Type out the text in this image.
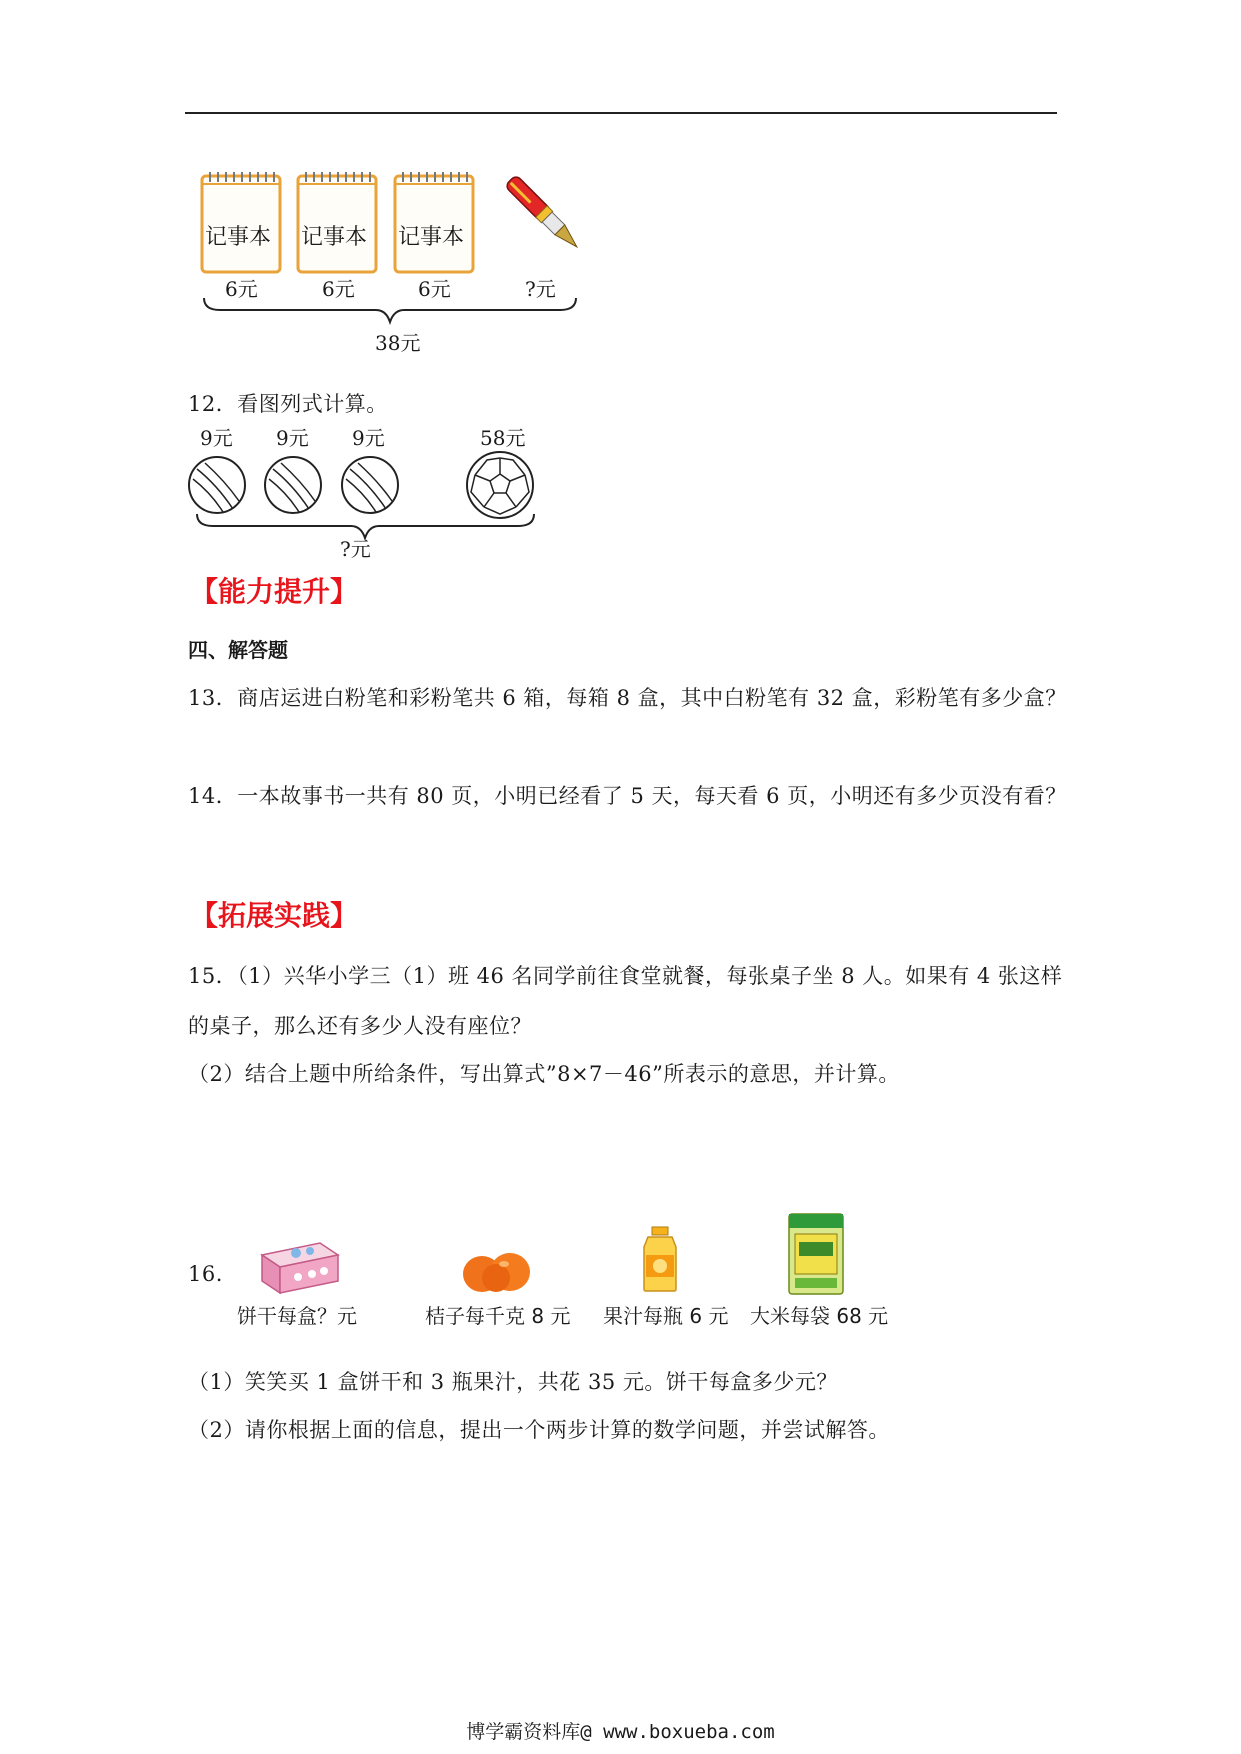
记事本 记事本 记事本
6元	6元	6元	?元
38元
12．看图列式计算。
9元 9元 9元	58元
?元
【能力提升】
四、解答题
13．商店运进白粉笔和彩粉笔共 6 箱，每箱 8 盒，其中白粉笔有 32 盒，彩粉笔有多少盒？
14．一本故事书一共有 80 页，小明已经看了 5 天，每天看 6 页，小明还有多少页没有看？
【拓展实践】
15．（1）兴华小学三（1）班 46 名同学前往食堂就餐，每张桌子坐 8 人。如果有 4 张这样
的桌子，那么还有多少人没有座位？
（2）结合上题中所给条件，写出算式”8×7－46”所表示的意思，并计算。
16.
饼干每盒？元	桔子每千克 8 元 果汁每瓶 6 元 大米每袋 68 元
（1）笑笑买 1 盒饼干和 3 瓶果汁，共花 35 元。饼干每盒多少元？
（2）请你根据上面的信息，提出一个两步计算的数学问题，并尝试解答。
博学霸资料库@ www.boxueba.com
